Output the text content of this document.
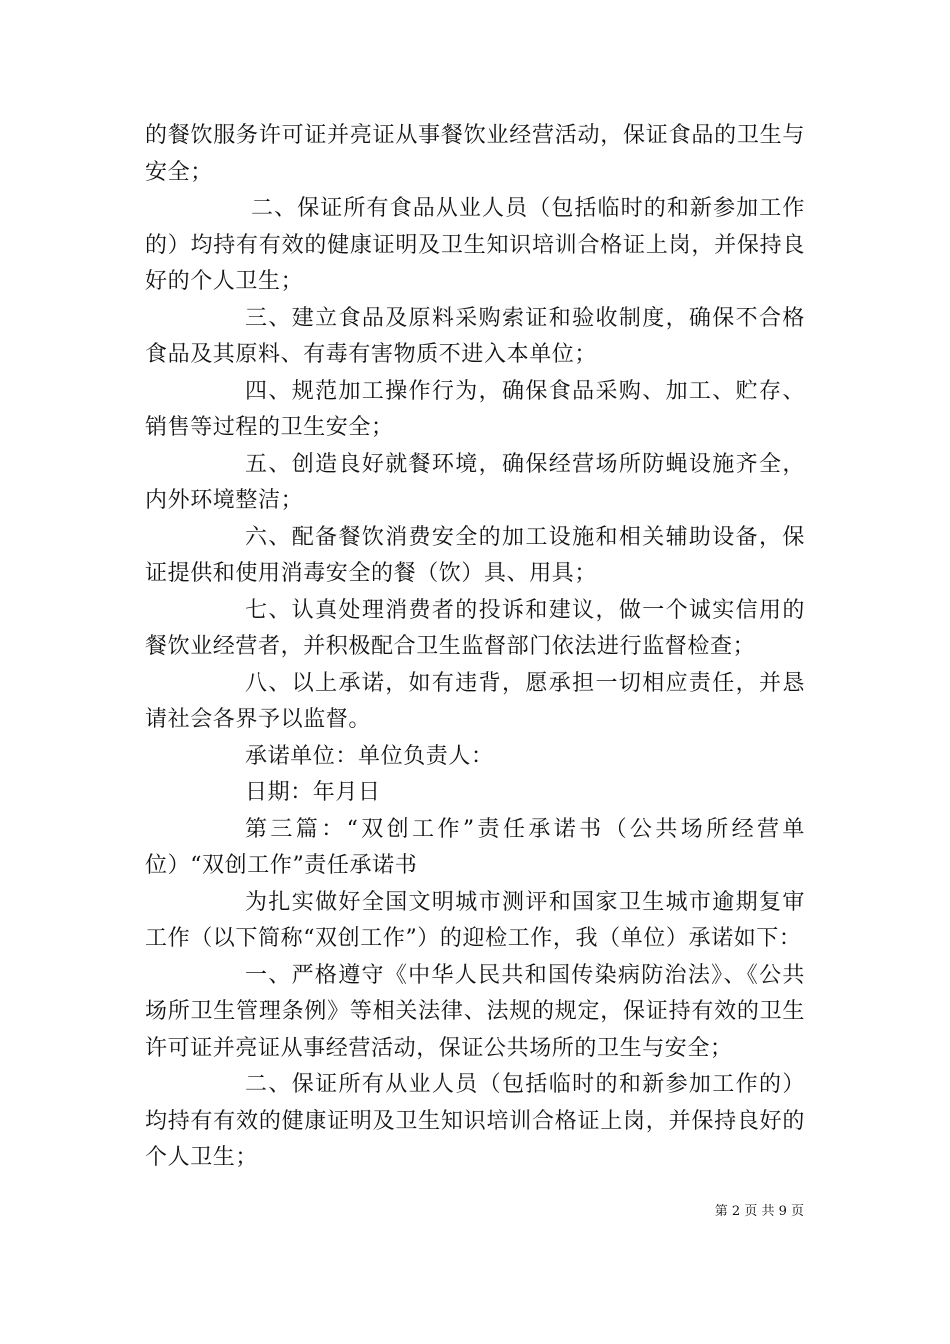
的餐饮服务许可证并亮证从事餐饮业经营活动，保证食品的卫生与安全；

二、保证所有食品从业人员（包括临时的和新参加工作的）均持有有效的健康证明及卫生知识培训合格证上岗，并保持良好的个人卫生；

三、建立食品及原料采购索证和验收制度，确保不合格食品及其原料、有毒有害物质不进入本单位；

四、规范加工操作行为，确保食品采购、加工、贮存、销售等过程的卫生安全；

五、创造良好就餐环境，确保经营场所防蝇设施齐全，内外环境整洁；

六、配备餐饮消费安全的加工设施和相关辅助设备，保证提供和使用消毒安全的餐（饮）具、用具；

七、认真处理消费者的投诉和建议，做一个诚实信用的餐饮业经营者，并积极配合卫生监督部门依法进行监督检查；

八、以上承诺，如有违背，愿承担一切相应责任，并恳请社会各界予以监督。

承诺单位：单位负责人：

日期：年月日

第三篇：“双创工作”责任承诺书（公共场所经营单位）“双创工作”责任承诺书

为扎实做好全国文明城市测评和国家卫生城市逾期复审工作（以下简称“双创工作”）的迎检工作，我（单位）承诺如下：

一、严格遵守《中华人民共和国传染病防治法》、《公共场所卫生管理条例》等相关法律、法规的规定，保证持有效的卫生许可证并亮证从事经营活动，保证公共场所的卫生与安全；

二、保证所有从业人员（包括临时的和新参加工作的）均持有有效的健康证明及卫生知识培训合格证上岗，并保持良好的个人卫生；

第 2 页 共 9 页
